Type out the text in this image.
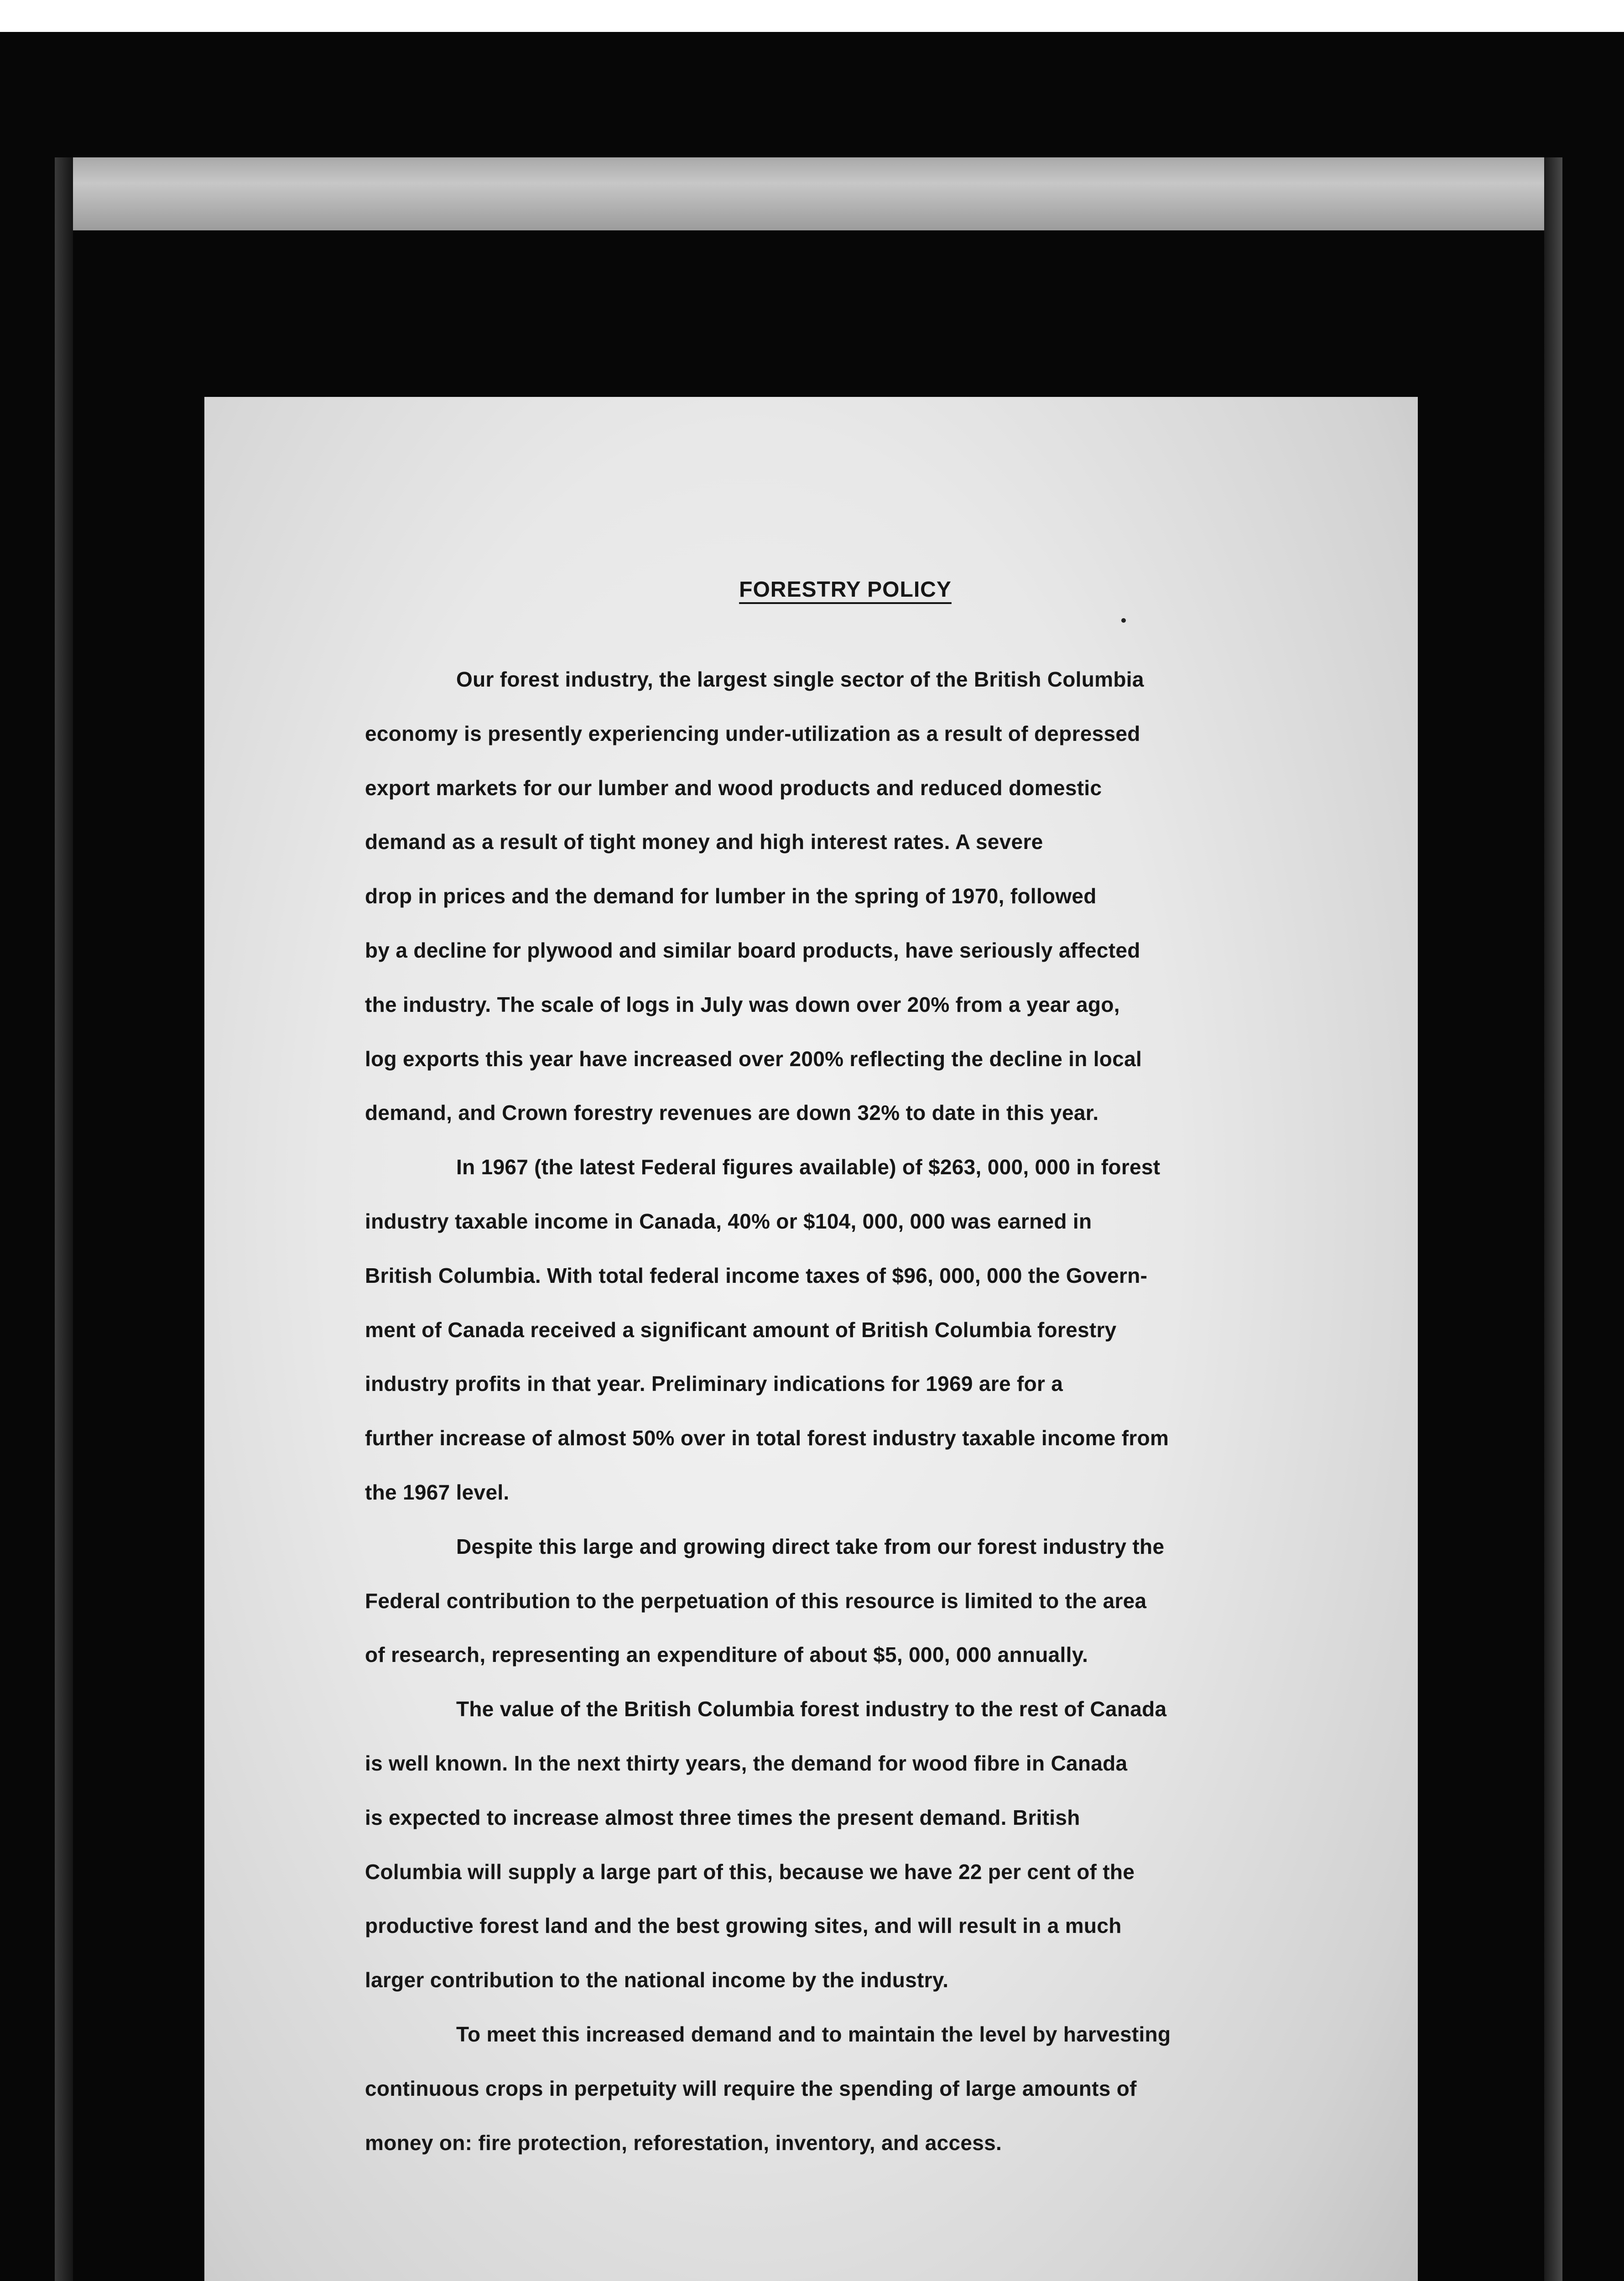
FORESTRY POLICY
Our forest industry, the largest single sector of the British Columbia
economy is presently experiencing under-utilization as a result of depressed
export markets for our lumber and wood products and reduced domestic
demand as a result of tight money and high interest rates. A severe
drop in prices and the demand for lumber in the spring of 1970, followed
by a decline for plywood and similar board products, have seriously affected
the industry. The scale of logs in July was down over 20% from a year ago,
log exports this year have increased over 200% reflecting the decline in local
demand, and Crown forestry revenues are down 32% to date in this year.
In 1967 (the latest Federal figures available) of $263, 000, 000 in forest
industry taxable income in Canada, 40% or $104, 000, 000 was earned in
British Columbia. With total federal income taxes of $96, 000, 000 the Govern-
ment of Canada received a significant amount of British Columbia forestry
industry profits in that year. Preliminary indications for 1969 are for a
further increase of almost 50% over in total forest industry taxable income from
the 1967 level.
Despite this large and growing direct take from our forest industry the
Federal contribution to the perpetuation of this resource is limited to the area
of research, representing an expenditure of about $5, 000, 000 annually.
The value of the British Columbia forest industry to the rest of Canada
is well known. In the next thirty years, the demand for wood fibre in Canada
is expected to increase almost three times the present demand. British
Columbia will supply a large part of this, because we have 22 per cent of the
productive forest land and the best growing sites, and will result in a much
larger contribution to the national income by the industry.
To meet this increased demand and to maintain the level by harvesting
continuous crops in perpetuity will require the spending of large amounts of
money on: fire protection, reforestation, inventory, and access.
